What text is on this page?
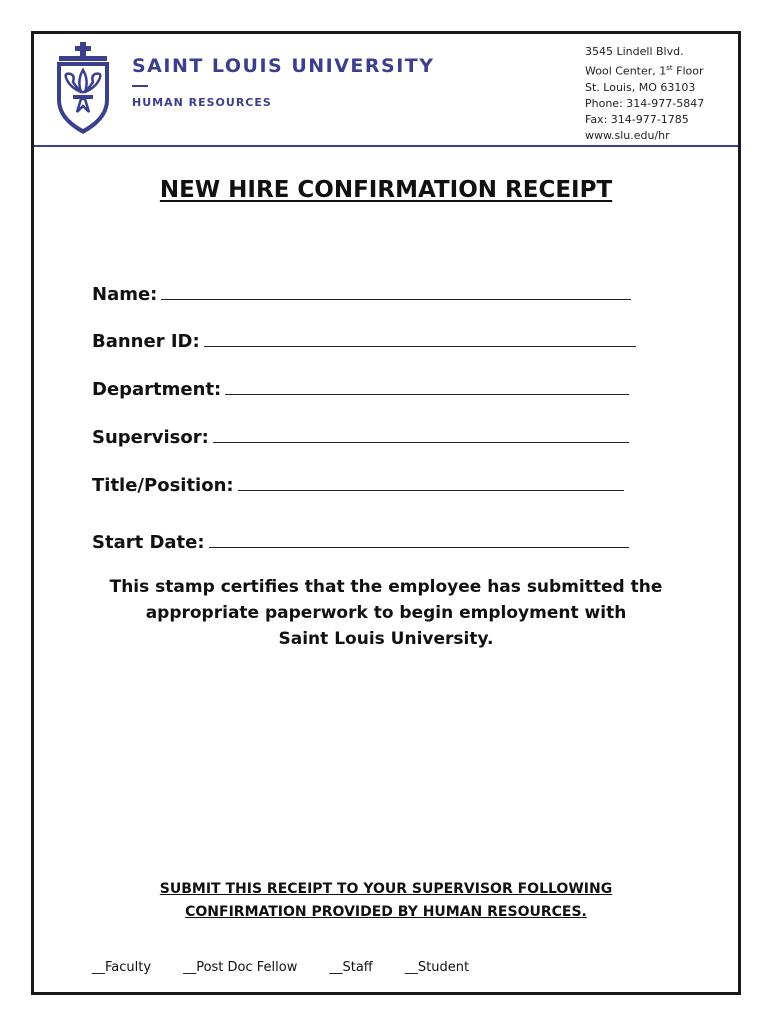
SAINT LOUIS UNIVERSITY
HUMAN RESOURCES
3545 Lindell Blvd.
Wool Center, 1st Floor
St. Louis, MO 63103
Phone: 314-977-5847
Fax: 314-977-1785
www.slu.edu/hr
NEW HIRE CONFIRMATION RECEIPT
Name:
Banner ID:
Department:
Supervisor:
Title/Position:
Start Date:
This stamp certifies that the employee has submitted the
appropriate paperwork to begin employment with
Saint Louis University.
SUBMIT THIS RECEIPT TO YOUR SUPERVISOR FOLLOWING
CONFIRMATION PROVIDED BY HUMAN RESOURCES.
__Faculty __Post Doc Fellow __Staff __Student
